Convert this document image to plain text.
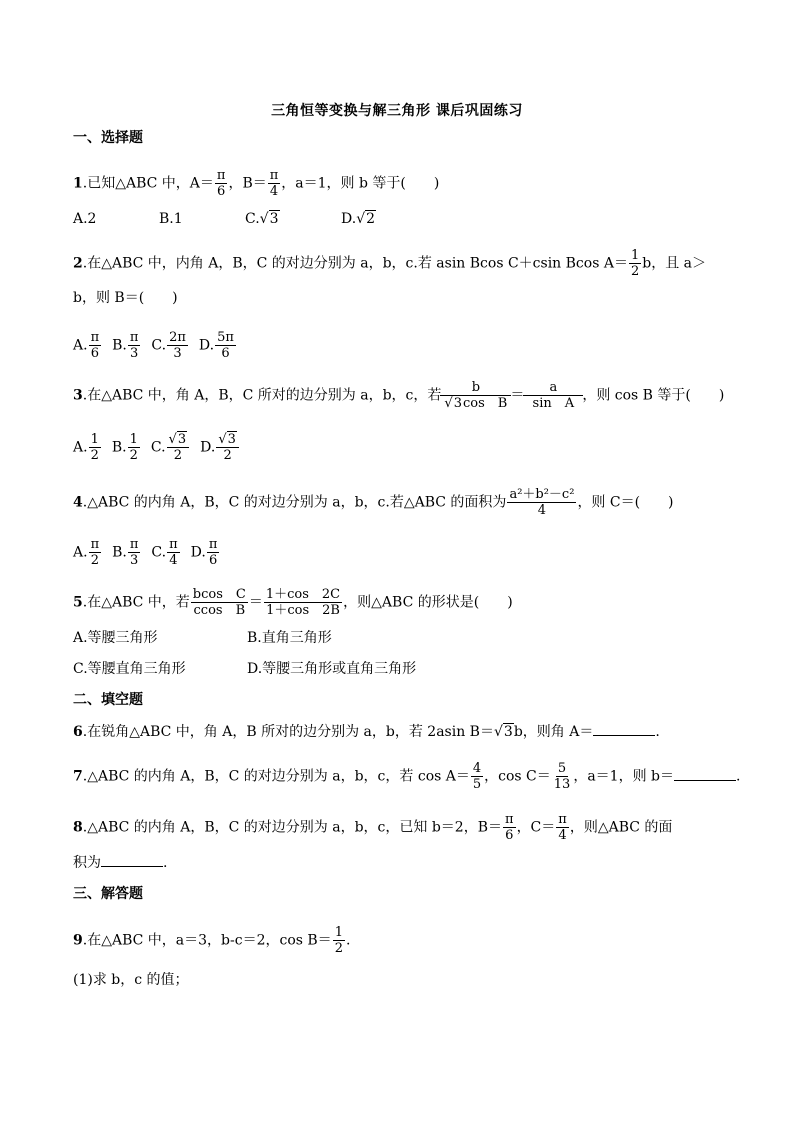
三角恒等变换与解三角形 课后巩固练习
一、选择题
1.已知△ABC 中，$A= \frac{\pi}{6}$ ，$B= \frac{\pi}{4}$ ，a＝1，则 b 等于(　　)
A.2	B.1	C.√3	D.√2
2.在△ABC 中，内角 A，B，C 的对边分别为 a，b，c.若 asin Bcos C＋csin Bcos $A= \frac{1}{2}$ b，且 a＞
b，则 B＝(　　)
A. $\frac{\pi}{6} B$. $\frac{\pi}{3} C$. $\frac{2\pi}{3} D$. $\frac{5\pi}{6}$
3.在△ABC 中，角 A，B，C 所对的边分别为 a，b，c，若 $\frac{b}{\text{√3cos　B}} = \frac{a}{\text{sin　A}}$ ，则 cos B 等于(　　)
A. $\frac{1}{2} B$. $\frac{1}{2} C$. $\frac{√3}{2} D$. $\frac{√3}{2}$
4.△ABC 的内角 A，B，C 的对边分别为 a，b，c.若△ABC 的面积为 $\frac{\text{a²＋b²－c²}}{4}$ ，则 C＝(　　)
A. $\frac{\pi}{2} B$. $\frac{\pi}{3} C$. $\frac{\pi}{4} D$. $\frac{\pi}{6}$
5.在△ABC 中，若 $\frac{\text{bcos　C}}{\text{ccos　B}} = \frac{1+\cos 2C}{1+\cos 2B}$ ，则△ABC 的形状是(　　)
A.等腰三角形	B.直角三角形
C.等腰直角三角形	D.等腰三角形或直角三角形
二、填空题
6.在锐角△ABC 中，角 A，B 所对的边分别为 a，b，若 2asin B＝√3b，则角 A＝	.
7.△ABC 的内角 A，B，C 的对边分别为 a，b，c，若 $\cos A= \frac{4}{5}$ ，$\cos C= \frac{5}{13}$ ，a＝1，则 b＝	.
8.△ABC 的内角 A，B，C 的对边分别为 a，b，c，已知 b＝2，$B= \frac{\pi}{6}$ ，$C= \frac{\pi}{4}$ ，则△ABC 的面
积为	.
三、解答题
9.在△ABC 中，a＝3，b-c＝2，$\cos B= \frac{1}{2}$ .
(1)求 b，c 的值；
